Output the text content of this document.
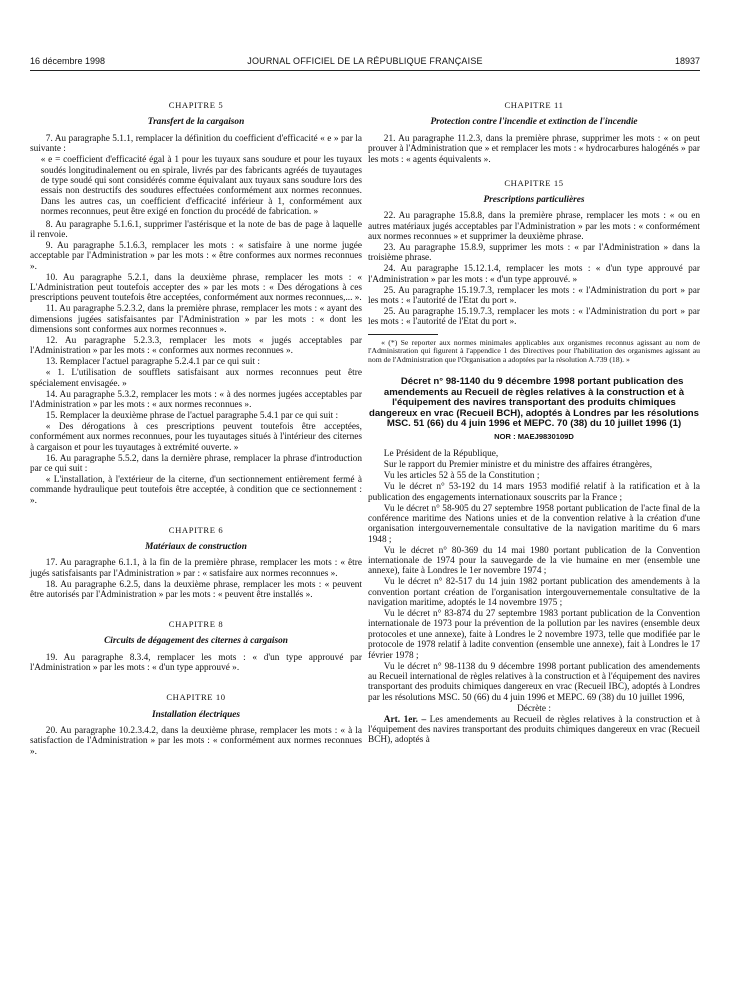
16 décembre 1998	JOURNAL OFFICIEL DE LA RÉPUBLIQUE FRANÇAISE	18937
CHAPITRE 5
Transfert de la cargaison

7. Au paragraphe 5.1.1, remplacer la définition du coefficient d'efficacité « e » par la suivante :

« e = coefficient d'efficacité égal à 1 pour les tuyaux sans soudure et pour les tuyaux soudés longitudinalement ou en spirale, livrés par des fabricants agréés de tuyautages de type soudé qui sont considérés comme équivalant aux tuyaux sans soudure lors des essais non destructifs des soudures effectuées conformément aux normes reconnues. Dans les autres cas, un coefficient d'efficacité inférieur à 1, conformément aux normes reconnues, peut être exigé en fonction du procédé de fabrication. »

8. Au paragraphe 5.1.6.1, supprimer l'astérisque et la note de bas de page à laquelle il renvoie.

9. Au paragraphe 5.1.6.3, remplacer les mots : « satisfaire à une norme jugée acceptable par l'Administration » par les mots : « être conformes aux normes reconnues ».

10. Au paragraphe 5.2.1, dans la deuxième phrase, remplacer les mots : « L'Administration peut toutefois accepter des » par les mots : « Des dérogations à ces prescriptions peuvent toutefois être acceptées, conformément aux normes reconnues,... ».

11. Au paragraphe 5.2.3.2, dans la première phrase, remplacer les mots : « ayant des dimensions jugées satisfaisantes par l'Administration » par les mots : « dont les dimensions sont conformes aux normes reconnues ».

12. Au paragraphe 5.2.3.3, remplacer les mots « jugés acceptables par l'Administration » par les mots : « conformes aux normes reconnues ».

13. Remplacer l'actuel paragraphe 5.2.4.1 par ce qui suit :

« 1. L'utilisation de soufflets satisfaisant aux normes reconnues peut être spécialement envisagée. »

14. Au paragraphe 5.3.2, remplacer les mots : « à des normes jugées acceptables par l'Administration » par les mots : « aux normes reconnues ».

15. Remplacer la deuxième phrase de l'actuel paragraphe 5.4.1 par ce qui suit :

« Des dérogations à ces prescriptions peuvent toutefois être acceptées, conformément aux normes reconnues, pour les tuyautages situés à l'intérieur des citernes à cargaison et pour les tuyautages à extrémité ouverte. »

16. Au paragraphe 5.5.2, dans la dernière phrase, remplacer la phrase d'introduction par ce qui suit :

« L'installation, à l'extérieur de la citerne, d'un sectionnement entièrement fermé à commande hydraulique peut toutefois être acceptée, à condition que ce sectionnement : ».

CHAPITRE 6
Matériaux de construction

17. Au paragraphe 6.1.1, à la fin de la première phrase, remplacer les mots : « être jugés satisfaisants par l'Administration » par : « satisfaire aux normes reconnues ».

18. Au paragraphe 6.2.5, dans la deuxième phrase, remplacer les mots : « peuvent être autorisés par l'Administration » par les mots : « peuvent être installés ».

CHAPITRE 8
Circuits de dégagement des citernes à cargaison

19. Au paragraphe 8.3.4, remplacer les mots : « d'un type approuvé par l'Administration » par les mots : « d'un type approuvé ».

CHAPITRE 10
Installation électriques

20. Au paragraphe 10.2.3.4.2, dans la deuxième phrase, remplacer les mots : « à la satisfaction de l'Administration » par les mots : « conformément aux normes reconnues ».

CHAPITRE 11
Protection contre l'incendie et extinction de l'incendie

21. Au paragraphe 11.2.3, dans la première phrase, supprimer les mots : « on peut prouver à l'Administration que » et remplacer les mots : « hydrocarbures halogénés » par les mots : « agents équivalents ».

CHAPITRE 15
Prescriptions particulières

22. Au paragraphe 15.8.8, dans la première phrase, remplacer les mots : « ou en autres matériaux jugés acceptables par l'Administration » par les mots : « conformément aux normes reconnues » et supprimer la deuxième phrase.

23. Au paragraphe 15.8.9, supprimer les mots : « par l'Administration » dans la troisième phrase.

24. Au paragraphe 15.12.1.4, remplacer les mots : « d'un type approuvé par l'Administration » par les mots : « d'un type approuvé. »

25. Au paragraphe 15.19.7.3, remplacer les mots : « l'Administration du port » par les mots : « l'autorité de l'Etat du port ».

25. Au paragraphe 15.19.7.3, remplacer les mots : « l'Administration du port » par les mots : « l'autorité de l'Etat du port ».

« (*) Se reporter aux normes minimales applicables aux organismes reconnus agissant au nom de l'Administration qui figurent à l'appendice 1 des Directives pour l'habilitation des organismes agissant au nom de l'Administration que l'Organisation a adoptées par la résolution A.739 (18). »

Décret n° 98-1140 du 9 décembre 1998 portant publication des amendements au Recueil de règles relatives à la construction et à l'équipement des navires transportant des produits chimiques dangereux en vrac (Recueil BCH), adoptés à Londres par les résolutions MSC. 51 (66) du 4 juin 1996 et MEPC. 70 (38) du 10 juillet 1996 (1)

NOR : MAEJ9830109D

Le Président de la République,

Sur le rapport du Premier ministre et du ministre des affaires étrangères,

Vu les articles 52 à 55 de la Constitution ;

Vu le décret n° 53-192 du 14 mars 1953 modifié relatif à la ratification et à la publication des engagements internationaux souscrits par la France ;

Vu le décret n° 58-905 du 27 septembre 1958 portant publication de l'acte final de la conférence maritime des Nations unies et de la convention relative à la création d'une organisation intergouvernementale consultative de la navigation maritime du 6 mars 1948 ;

Vu le décret n° 80-369 du 14 mai 1980 portant publication de la Convention internationale de 1974 pour la sauvegarde de la vie humaine en mer (ensemble une annexe), faite à Londres le 1er novembre 1974 ;

Vu le décret n° 82-517 du 14 juin 1982 portant publication des amendements à la convention portant création de l'organisation intergouvernementale consultative de la navigation maritime, adoptés le 14 novembre 1975 ;

Vu le décret n° 83-874 du 27 septembre 1983 portant publication de la Convention internationale de 1973 pour la prévention de la pollution par les navires (ensemble deux protocoles et une annexe), faite à Londres le 2 novembre 1973, telle que modifiée par le protocole de 1978 relatif à ladite convention (ensemble une annexe), fait à Londres le 17 février 1978 ;

Vu le décret n° 98-1138 du 9 décembre 1998 portant publication des amendements au Recueil international de règles relatives à la construction et à l'équipement des navires transportant des produits chimiques dangereux en vrac (Recueil IBC), adoptés à Londres par les résolutions MSC. 50 (66) du 4 juin 1996 et MEPC. 69 (38) du 10 juillet 1996,

Décrète :

Art. 1er. – Les amendements au Recueil de règles relatives à la construction et à l'équipement des navires transportant des produits chimiques dangereux en vrac (Recueil BCH), adoptés à
